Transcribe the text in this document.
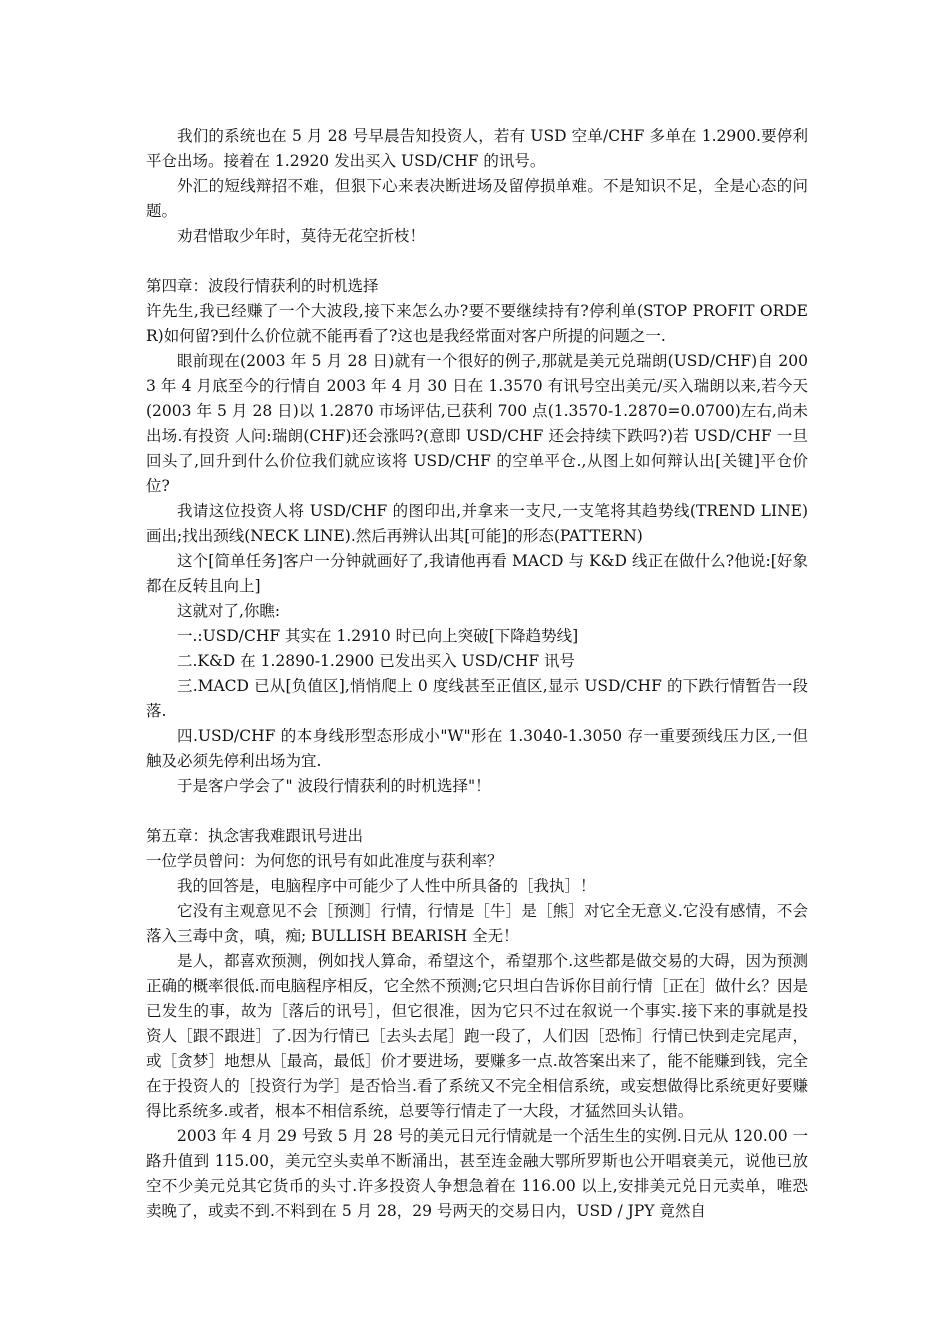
我们的系统也在 5 月 28 号早晨告知投资人，若有 USD 空单/CHF 多单在 1.2900.要停利平仓出场。接着在 1.2920 发出买入 USD/CHF 的讯号。

外汇的短线辩招不难，但狠下心来表决断进场及留停损单难。不是知识不足，全是心态的问题。

劝君惜取少年时，莫待无花空折枝！

第四章：波段行情获利的时机选择

许先生,我已经赚了一个大波段,接下来怎么办?要不要继续持有?停利单(STOP PROFIT ORDER)如何留?到什么价位就不能再看了?这也是我经常面对客户所提的问题之一.

眼前现在(2003 年 5 月 28 日)就有一个很好的例子,那就是美元兑瑞朗(USD/CHF)自 2003 年 4 月底至今的行情自 2003 年 4 月 30 日在 1.3570 有讯号空出美元/买入瑞朗以来,若今天(2003 年 5 月 28 日)以 1.2870 市场评估,已获利 700 点(1.3570-1.2870=0.0700)左右,尚未出场.有投资 人问:瑞朗(CHF)还会涨吗?(意即 USD/CHF 还会持续下跌吗?)若 USD/CHF 一旦回头了,回升到什么价位我们就应该将 USD/CHF 的空单平仓.,从图上如何辩认出[关键]平仓价位?

我请这位投资人将 USD/CHF 的图印出,并拿来一支尺,一支笔将其趋势线(TREND LINE)画出;找出颈线(NECK LINE).然后再辨认出其[可能]的形态(PATTERN)

这个[简单任务]客户一分钟就画好了,我请他再看 MACD 与 K&D 线正在做什么?他说:[好象都在反转且向上]

这就对了,你瞧:

一.:USD/CHF 其实在 1.2910 时已向上突破[下降趋势线]

二.K&D 在 1.2890-1.2900 已发出买入 USD/CHF 讯号

三.MACD 已从[负值区],悄悄爬上 0 度线甚至正值区,显示 USD/CHF 的下跌行情暂告一段落.

四.USD/CHF 的本身线形型态形成小"W"形在 1.3040-1.3050 存一重要颈线压力区,一但触及必须先停利出场为宜.

于是客户学会了" 波段行情获利的时机选择"！

第五章：执念害我难跟讯号进出

一位学员曾问：为何您的讯号有如此准度与获利率？

我的回答是，电脑程序中可能少了人性中所具备的［我执］！

它没有主观意见不会［预测］行情，行情是［牛］是［熊］对它全无意义.它没有感情，不会落入三毒中贪，嗔，痴; BULLISH BEARISH 全无！

是人，都喜欢预测，例如找人算命，希望这个，希望那个.这些都是做交易的大碍，因为预测正确的概率很低.而电脑程序相反，它全然不预测;它只坦白告诉你目前行情［正在］做什幺？因是已发生的事，故为［落后的讯号］，但它很准，因为它只不过在叙说一个事实.接下来的事就是投资人［跟不跟进］了.因为行情已［去头去尾］跑一段了，人们因［恐怖］行情已快到走完尾声，或［贪梦］地想从［最高，最低］价才要进场，要赚多一点.故答案出来了，能不能赚到钱，完全在于投资人的［投资行为学］是否恰当.看了系统又不完全相信系统，或妄想做得比系统更好要赚得比系统多.或者，根本不相信系统，总要等行情走了一大段，才猛然回头认错。

2003 年 4 月 29 号致 5 月 28 号的美元日元行情就是一个活生生的实例.日元从 120.00 一路升值到 115.00，美元空头卖单不断涌出，甚至连金融大鄂所罗斯也公开唱衰美元，说他已放空不少美元兑其它货币的头寸.许多投资人争想急着在 116.00 以上,安排美元兑日元卖单，唯恐卖晚了，或卖不到.不料到在 5 月 28，29 号两天的交易日内，USD / JPY 竟然自
